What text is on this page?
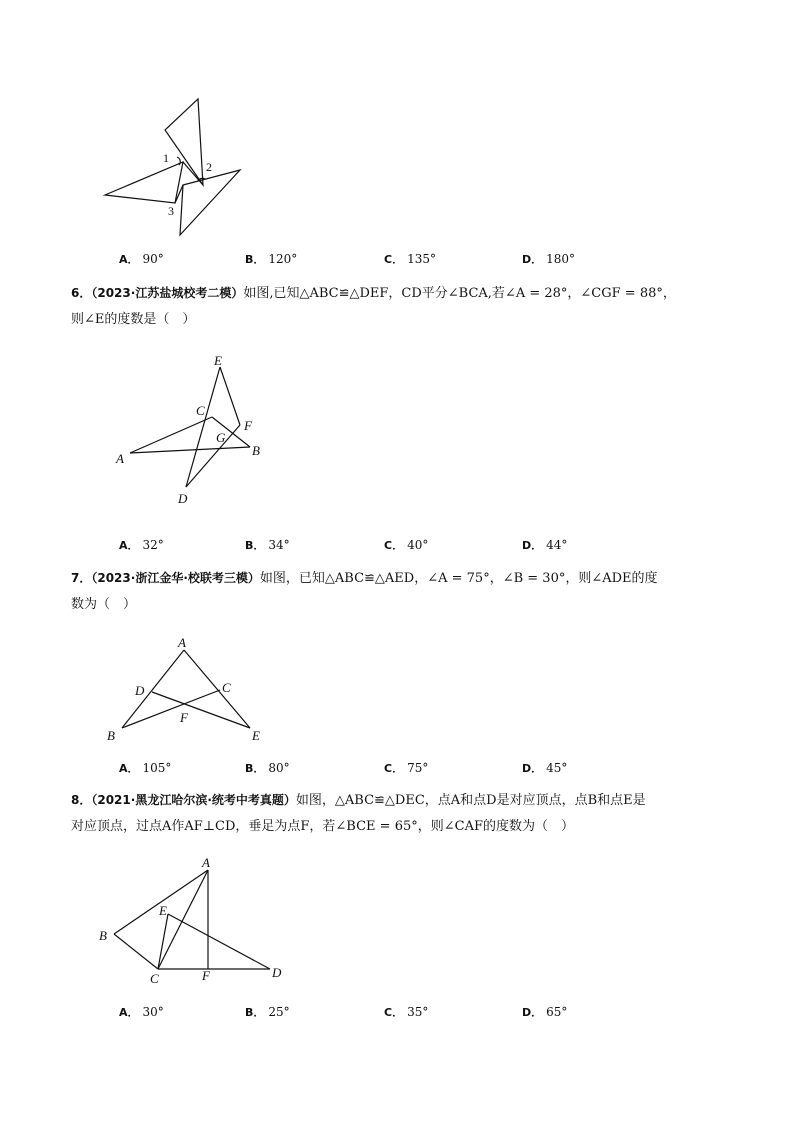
1
2
3
A． 90°	B． 120°	C． 135°	D． 180°
6．（2023·江苏盐城校考二模）如图,已知△ABC≌△DEF，CD平分∠BCA,若∠A = 28°，∠CGF = 88°，
则∠E的度数是（　）
E
C
F
G
A
B
D
A． 32°	B． 34°	C． 40°	D． 44°
7．（2023·浙江金华·校联考三模）如图，已知△ABC≌△AED，∠A = 75°，∠B = 30°，则∠ADE的度
数为（　）
A
D	C
F
B	E
A． 105°	B． 80°	C． 75°	D． 45°
8．（2021·黑龙江哈尔滨·统考中考真题）如图，△ABC≌△DEC，点A和点D是对应顶点，点B和点E是
对应顶点，过点A作AF⊥CD，垂足为点F，若∠BCE = 65°，则∠CAF的度数为（　）
A
E
B
C	F	D
A． 30°	B． 25°	C． 35°	D． 65°
